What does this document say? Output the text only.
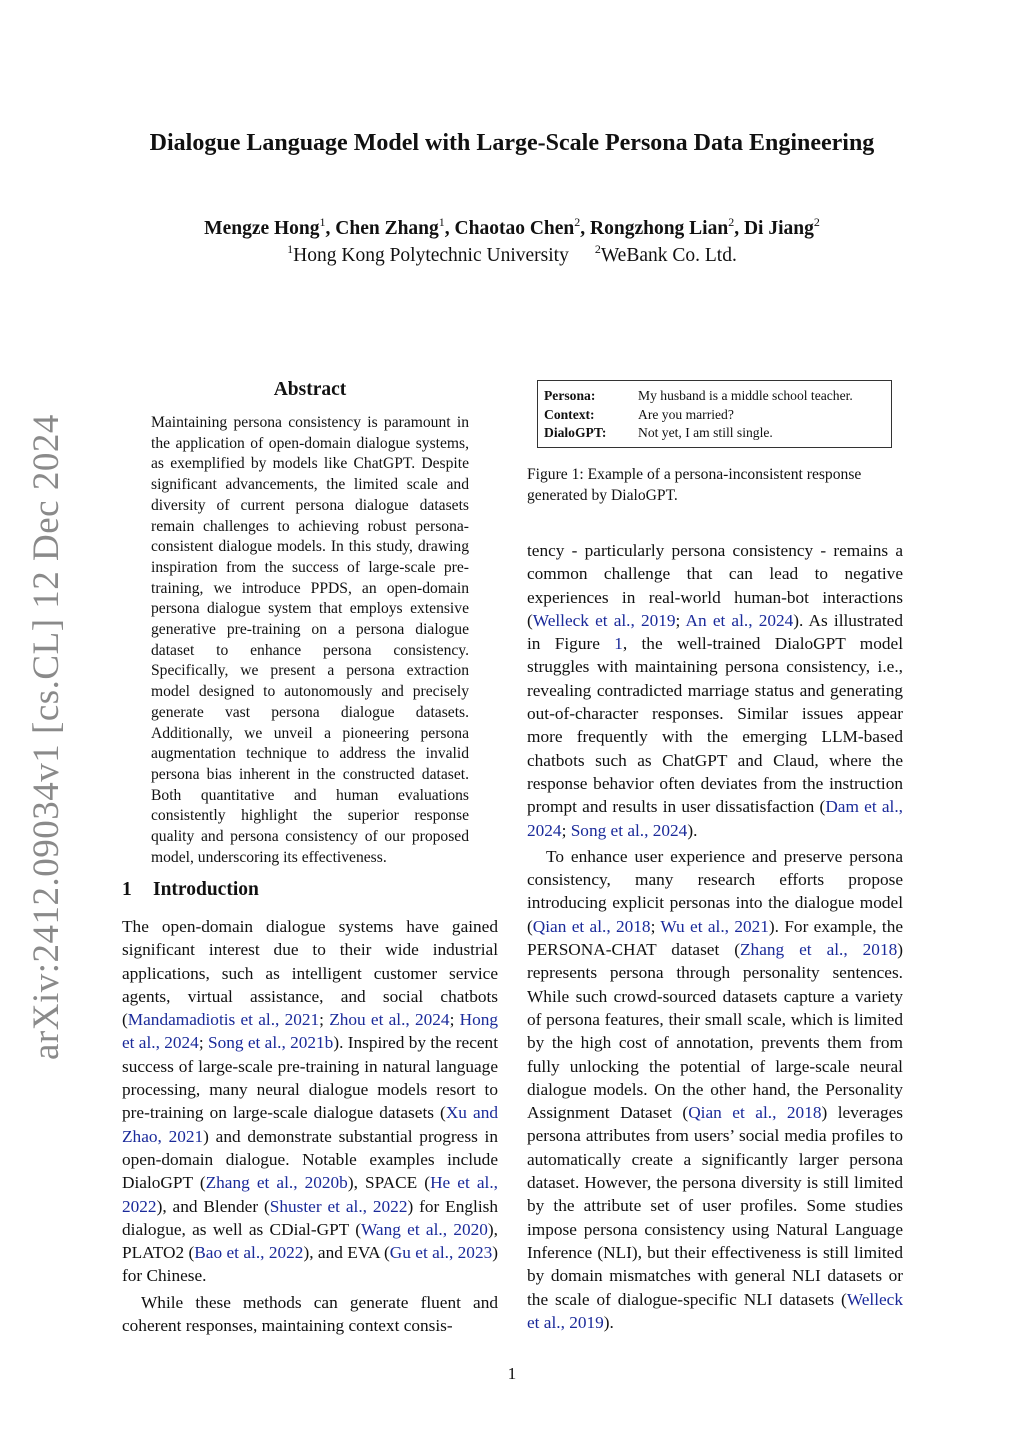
arXiv:2412.09034v1 [cs.CL] 12 Dec 2024
Dialogue Language Model with Large-Scale Persona Data Engineering
Mengze Hong$^1$, Chen Zhang$^1$, Chaotao Chen$^2$, Rongzhong Lian$^2$, Di Jiang$^2$
$^1$Hong Kong Polytechnic University $^2$WeBank Co. Ltd.
Abstract
Maintaining persona consistency is paramount in the application of open-domain dialogue systems, as exemplified by models like ChatGPT. Despite significant advancements, the limited scale and diversity of current persona dialogue datasets remain challenges to achieving robust persona-consistent dialogue models. In this study, drawing inspiration from the success of large-scale pre-training, we introduce PPDS, an open-domain persona dialogue system that employs extensive generative pre-training on a persona dialogue dataset to enhance persona consistency. Specifically, we present a persona extraction model designed to autonomously and precisely generate vast persona dialogue datasets. Additionally, we unveil a pioneering persona augmentation technique to address the invalid persona bias inherent in the constructed dataset. Both quantitative and human evaluations consistently highlight the superior response quality and persona consistency of our proposed model, underscoring its effectiveness.
1 Introduction

The open-domain dialogue systems have gained significant interest due to their wide industrial applications, such as intelligent customer service agents, virtual assistance, and social chatbots (Mandamadiotis et al., 2021; Zhou et al., 2024; Hong et al., 2024; Song et al., 2021b). Inspired by the recent success of large-scale pre-training in natural language processing, many neural dialogue models resort to pre-training on large-scale dialogue datasets (Xu and Zhao, 2021) and demonstrate substantial progress in open-domain dialogue. Notable examples include DialoGPT (Zhang et al., 2020b), SPACE (He et al., 2022), and Blender (Shuster et al., 2022) for English dialogue, as well as CDial-GPT (Wang et al., 2020), PLATO2 (Bao et al., 2022), and EVA (Gu et al., 2023) for Chinese.

While these methods can generate fluent and coherent responses, maintaining context consis-

Persona:	My husband is a middle school teacher.
Context:	Are you married?
DialoGPT:	Not yet, I am still single.
Figure 1: Example of a persona-inconsistent response generated by DialoGPT.

tency - particularly persona consistency - remains a common challenge that can lead to negative experiences in real-world human-bot interactions (Welleck et al., 2019; An et al., 2024). As illustrated in Figure 1, the well-trained DialoGPT model struggles with maintaining persona consistency, i.e., revealing contradicted marriage status and generating out-of-character responses. Similar issues appear more frequently with the emerging LLM-based chatbots such as ChatGPT and Claud, where the response behavior often deviates from the instruction prompt and results in user dissatisfaction (Dam et al., 2024; Song et al., 2024).

To enhance user experience and preserve persona consistency, many research efforts propose introducing explicit personas into the dialogue model (Qian et al., 2018; Wu et al., 2021). For example, the PERSONA-CHAT dataset (Zhang et al., 2018) represents persona through personality sentences. While such crowd-sourced datasets capture a variety of persona features, their small scale, which is limited by the high cost of annotation, prevents them from fully unlocking the potential of large-scale neural dialogue models. On the other hand, the Personality Assignment Dataset (Qian et al., 2018) leverages persona attributes from users’ social media profiles to automatically create a significantly larger persona dataset. However, the persona diversity is still limited by the attribute set of user profiles. Some studies impose persona consistency using Natural Language Inference (NLI), but their effectiveness is still limited by domain mismatches with general NLI datasets or the scale of dialogue-specific NLI datasets (Welleck et al., 2019).

1
